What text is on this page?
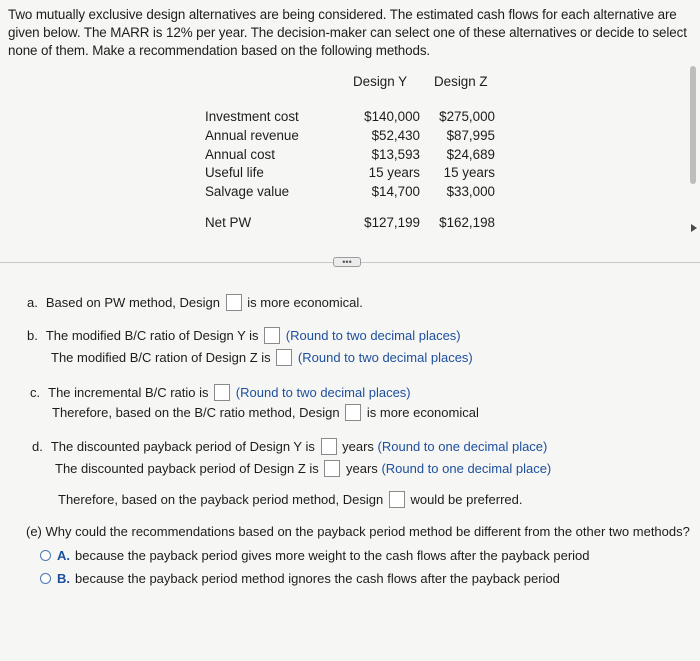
Two mutually exclusive design alternatives are being considered. The estimated cash flows for each alternative are given below. The MARR is 12% per year. The decision-maker can select one of these alternatives or decide to select none of them. Make a recommendation based on the following methods.
Design Y Design Z
Investment cost	$140,000 $275,000
Annual revenue	$52,430 $87,995
Annual cost	$13,593 $24,689
Useful life	15 years 15 years
Salvage value	$14,700 $33,000
Net PW	$127,199 $162,198
•••
a. Based on PW method, Design is more economical.
b. The modified B/C ratio of Design Y is (Round to two decimal places)
The modified B/C ration of Design Z is (Round to two decimal places)
c. The incremental B/C ratio is (Round to two decimal places)
Therefore, based on the B/C ratio method, Design is more economical
d. The discounted payback period of Design Y is years (Round to one decimal place)
The discounted payback period of Design Z is years (Round to one decimal place)
Therefore, based on the payback period method, Design would be preferred.
(e) Why could the recommendations based on the payback period method be different from the other two methods?
A. because the payback period gives more weight to the cash flows after the payback period
B. because the payback period method ignores the cash flows after the payback period
